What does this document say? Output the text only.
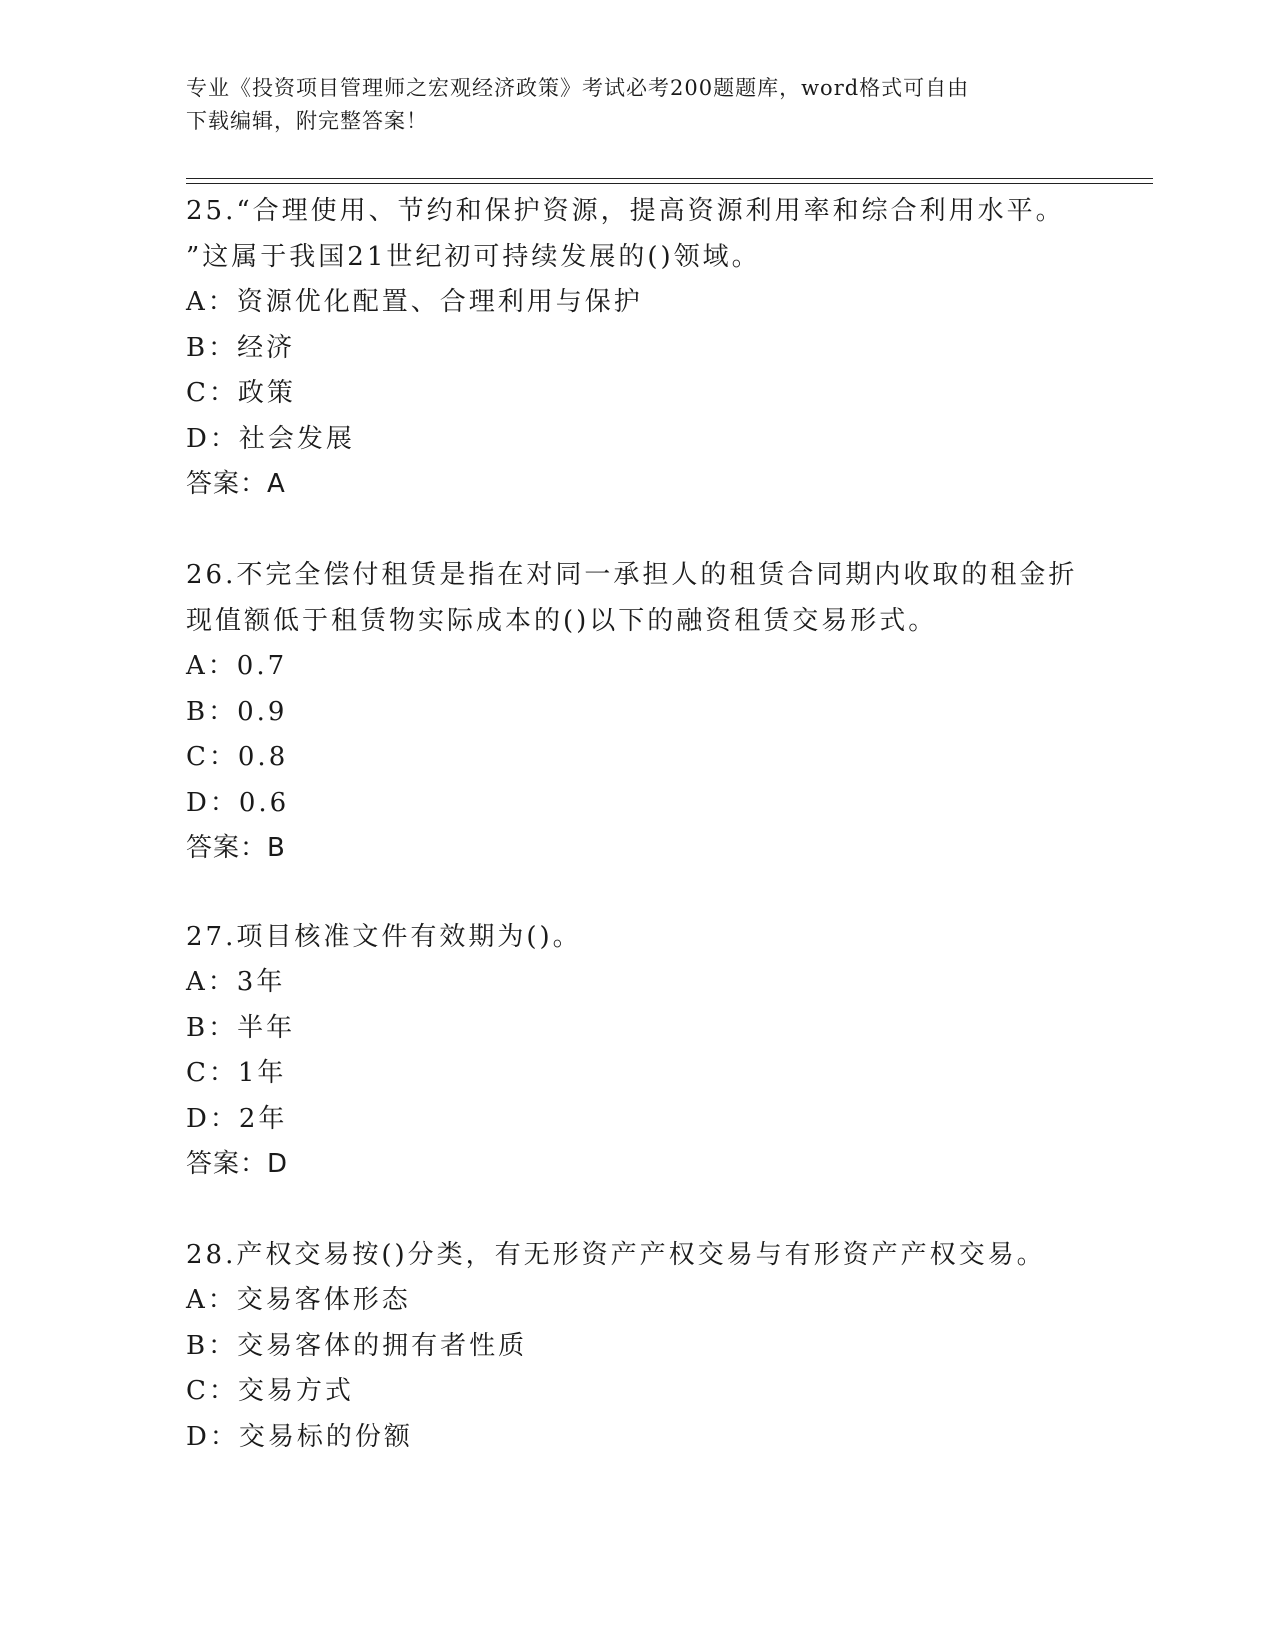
专业《投资项目管理师之宏观经济政策》考试必考200题题库，word格式可自由
下载编辑，附完整答案！

25.“合理使用、节约和保护资源，提高资源利用率和综合利用水平。

”这属于我国21世纪初可持续发展的()领域。

A：资源优化配置、合理利用与保护

B：经济

C：政策

D：社会发展

答案：A

26.不完全偿付租赁是指在对同一承担人的租赁合同期内收取的租金折

现值额低于租赁物实际成本的()以下的融资租赁交易形式。

A：0.7

B：0.9

C：0.8

D：0.6

答案：B

27.项目核准文件有效期为()。

A：3年

B：半年

C：1年

D：2年

答案：D

28.产权交易按()分类，有无形资产产权交易与有形资产产权交易。

A：交易客体形态

B：交易客体的拥有者性质

C：交易方式

D：交易标的份额
